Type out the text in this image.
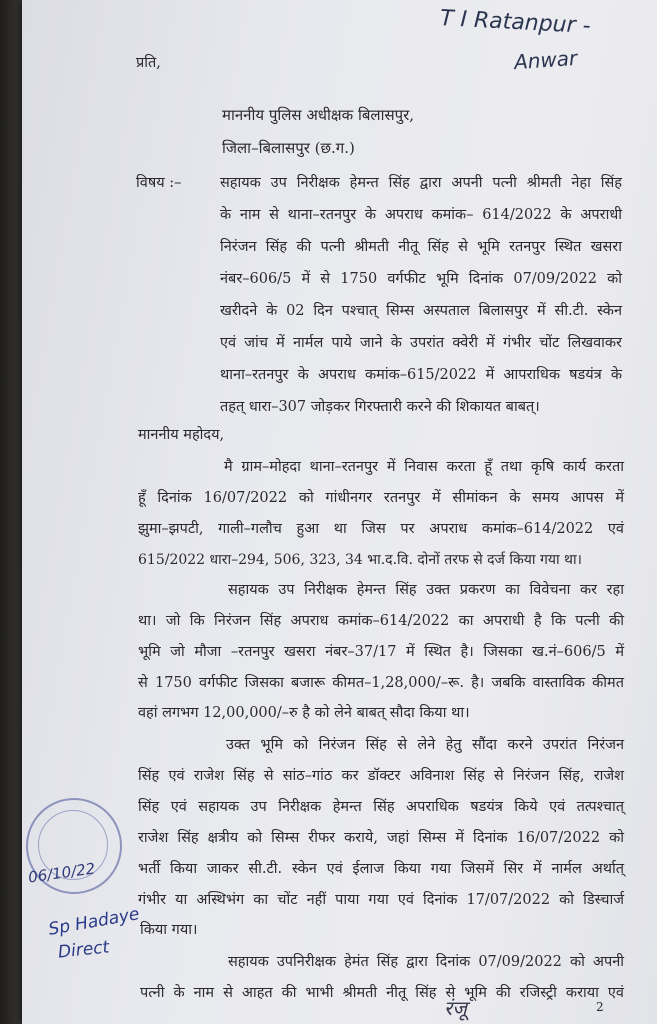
T I Ratanpur -
Anwar
प्रति,
माननीय पुलिस अधीक्षक बिलासपुर,
जिला–बिलासपुर (छ.ग.)
विषय :–	सहायक उप निरीक्षक हेमन्त सिंह द्वारा अपनी पत्नी श्रीमती नेहा सिंह
के नाम से थाना–रतनपुर के अपराध कमांक– 614/2022 के अपराधी
निरंजन सिंह की पत्नी श्रीमती नीतू सिंह से भूमि रतनपुर स्थित खसरा
नंबर–606/5 में से 1750 वर्गफीट भूमि दिनांक 07/09/2022 को
खरीदने के 02 दिन पश्चात् सिम्स अस्पताल बिलासपुर में सी.टी. स्केन
एवं जांच में नार्मल पाये जाने के उपरांत क्वेरी में गंभीर चोंट लिखवाकर
थाना–रतनपुर के अपराध कमांक–615/2022 में आपराधिक षडयंत्र के
तहत् धारा–307 जोड़कर गिरफ्तारी करने की शिकायत बाबत्।
माननीय महोदय,
मै ग्राम–मोहदा थाना–रतनपुर में निवास करता हूँ तथा कृषि कार्य करता
हूँ दिनांक 16/07/2022 को गांधीनगर रतनपुर में सीमांकन के समय आपस में
झुमा–झपटी, गाली–गलौच हुआ था जिस पर अपराध कमांक–614/2022 एवं
615/2022 धारा–294, 506, 323, 34 भा.द.वि. दोनों तरफ से दर्ज किया गया था।
सहायक उप निरीक्षक हेमन्त सिंह उक्त प्रकरण का विवेचना कर रहा
था। जो कि निरंजन सिंह अपराध कमांक–614/2022 का अपराधी है कि पत्नी की
भूमि जो मौजा –रतनपुर खसरा नंबर–37/17 में स्थित है। जिसका ख.नं–606/5 में
से 1750 वर्गफीट जिसका बजारू कीमत–1,28,000/–रू. है। जबकि वास्ताविक कीमत
वहां लगभग 12,00,000/–रु है को लेने बाबत् सौदा किया था।
उक्त भूमि को निरंजन सिंह से लेने हेतु सौंदा करने उपरांत निरंजन
सिंह एवं राजेश सिंह से सांठ–गांठ कर डॉक्टर अविनाश सिंह से निरंजन सिंह, राजेश
सिंह एवं सहायक उप निरीक्षक हेमन्त सिंह अपराधिक षडयंत्र किये एवं तत्पश्चात्
राजेश सिंह क्षत्रीय को सिम्स रीफर कराये, जहां सिम्स में दिनांक 16/07/2022 को
भर्ती किया जाकर सी.टी. स्केन एवं ईलाज किया गया जिसमें सिर में नार्मल अर्थात्
गंभीर या अस्थिभंग का चोंट नहीं पाया गया एवं दिनांक 17/07/2022 को डिस्चार्ज
किया गया।
सहायक उपनिरीक्षक हेमंत सिंह द्वारा दिनांक 07/09/2022 को अपनी
पत्नी के नाम से आहत की भाभी श्रीमती नीतू सिंह से भूमि की रजिस्ट्री कराया एवं
2
06/10/22
Sp Hadaye
Direct
रंजू
